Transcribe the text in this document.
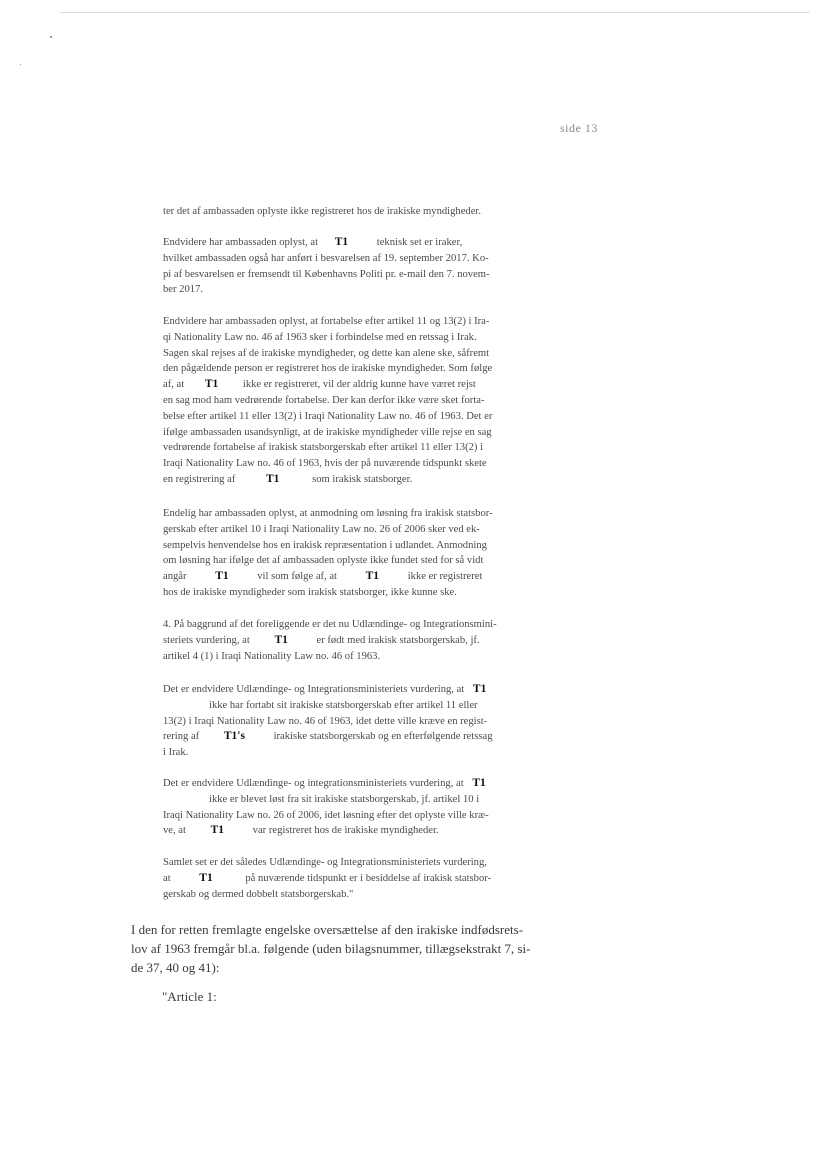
side 13
ter det af ambassaden oplyste ikke registreret hos de irakiske myndigheder.
Endvidere har ambassaden oplyst, at T1 teknisk set er iraker,
hvilket ambassaden også har anført i besvarelsen af 19. september 2017. Ko-
pi af besvarelsen er fremsendt til Københavns Politi pr. e-mail den 7. novem-
ber 2017.
Endvidere har ambassaden oplyst, at fortabelse efter artikel 11 og 13(2) i Ira-
qi Nationality Law no. 46 af 1963 sker i forbindelse med en retssag i Irak.
Sagen skal rejses af de irakiske myndigheder, og dette kan alene ske, såfremt
den pågældende person er registreret hos de irakiske myndigheder. Som følge
af, at T1 ikke er registreret, vil der aldrig kunne have været rejst
en sag mod ham vedrørende fortabelse. Der kan derfor ikke være sket forta-
belse efter artikel 11 eller 13(2) i Iraqi Nationality Law no. 46 of 1963. Det er
ifølge ambassaden usandsynligt, at de irakiske myndigheder ville rejse en sag
vedrørende fortabelse af irakisk statsborgerskab efter artikel 11 eller 13(2) i
Iraqi Nationality Law no. 46 of 1963, hvis der på nuværende tidspunkt skete
en registrering af T1	som irakisk statsborger.
Endelig har ambassaden oplyst, at anmodning om løsning fra irakisk statsbor-
gerskab efter artikel 10 i Iraqi Nationality Law no. 26 of 2006 sker ved ek-
sempelvis henvendelse hos en irakisk repræsentation i udlandet. Anmodning
om løsning har ifølge det af ambassaden oplyste ikke fundet sted for så vidt
angår T1 vil som følge af, at T1 ikke er registreret
hos de irakiske myndigheder som irakisk statsborger, ikke kunne ske.
4. På baggrund af det foreliggende er det nu Udlændinge- og Integrationsmini-
steriets vurdering, at T1 er født med irakisk statsborgerskab, jf.
artikel 4 (1) i Iraqi Nationality Law no. 46 of 1963.
Det er endvidere Udlændinge- og Integrationsministeriets vurdering, at T1
ikke har fortabt sit irakiske statsborgerskab efter artikel 11 eller
13(2) i Iraqi Nationality Law no. 46 of 1963, idet dette ville kræve en regist-
rering af T1's irakiske statsborgerskab og en efterfølgende retssag
i Irak.
Det er endvidere Udlændinge- og integrationsministeriets vurdering, at T1
ikke er blevet løst fra sit irakiske statsborgerskab, jf. artikel 10 i
Iraqi Nationality Law no. 26 of 2006, idet løsning efter det oplyste ville kræ-
ve, at T1 var registreret hos de irakiske myndigheder.
Samlet set er det således Udlændinge- og Integrationsministeriets vurdering,
at T1	på nuværende tidspunkt er i besiddelse af irakisk statsbor-
gerskab og dermed dobbelt statsborgerskab."
I den for retten fremlagte engelske oversættelse af den irakiske indfødsrets-
lov af 1963 fremgår bl.a. følgende (uden bilagsnummer, tillægsekstrakt 7, si-
de 37, 40 og 41):
"Article 1:
